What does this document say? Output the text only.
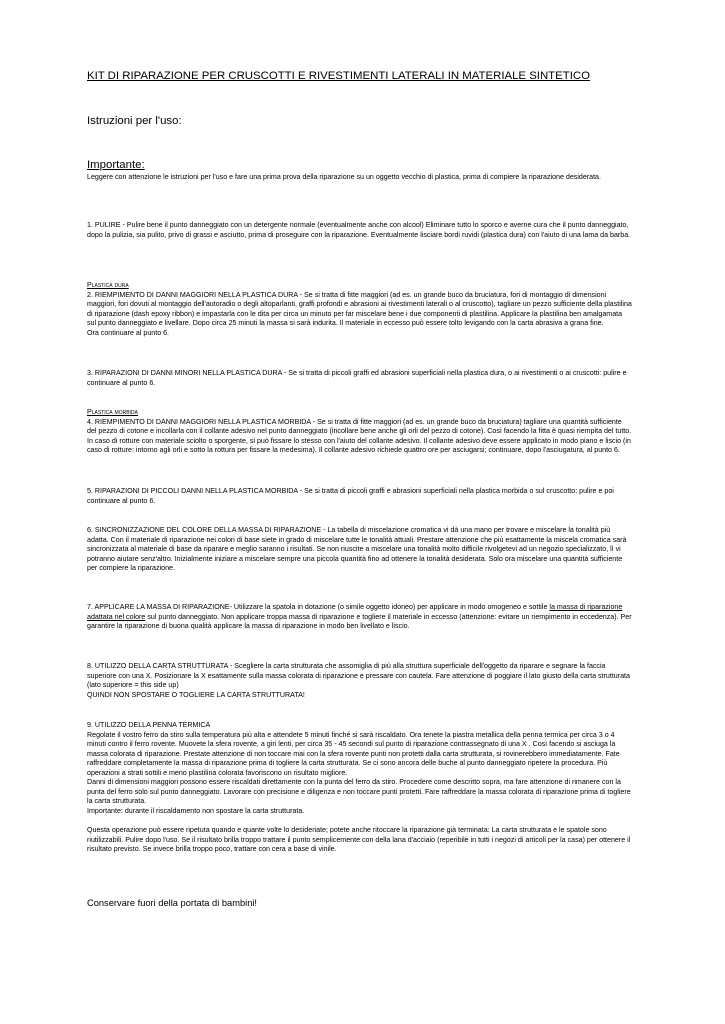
KIT DI RIPARAZIONE PER CRUSCOTTI E RIVESTIMENTI LATERALI IN MATERIALE SINTETICO
Istruzioni per l'uso:
Importante:

Leggere con attenzione le istruzioni per l'uso e fare una prima prova della riparazione su un oggetto vecchio di plastica, prima di compiere la riparazione desiderata.

1. PULIRE - Pulire bene il punto danneggiato con un detergente normale (eventualmente anche con alcool) Eliminare tutto lo sporco e averne cura che il punto danneggiato, dopo la pulizia, sia pulito, privo di grassi e asciutto, prima di proseguire con la riparazione. Eventualmente lisciare bordi ruvidi (plastica dura) con l'aiuto di una lama da barba.

Plastica dura

2. RIEMPIMENTO DI DANNI MAGGIORI NELLA PLASTICA DURA - Se si tratta di fitte maggiori (ad es. un grande buco da bruciatura, fori di montaggio di dimensioni maggiori, fori dovuti al montaggio dell'autoradio o degli altoparlanti, graffi profondi e abrasioni ai rivestimenti laterali o al cruscotto), tagliare un pezzo sufficiente della plastilina di riparazione (dash epoxy ribbon) e impastarla con le dita per circa un minuto per far miscelare bene i due componenti di plastilina. Applicare la plastilina ben amalgamata sul punto danneggiato e livellare. Dopo circa 25 minuti la massa si sarà indurita. Il materiale in eccesso può essere tolto levigando con la carta abrasiva a grana fine.

Ora continuare al punto 6.

3. RIPARAZIONI DI DANNI MINORI NELLA PLASTICA DURA - Se si tratta di piccoli graffi ed abrasioni superficiali nella plastica dura, o ai rivestimenti o ai cruscotti: pulire e continuare al punto 6.

Plastica morbida

4. RIEMPIMENTO DI DANNI MAGGIORI NELLA PLASTICA MORBIDA - Se si tratta di fitte maggiori (ad es. un grande buco da bruciatura) tagliare una quantità sufficiente del pezzo di cotone e incollarla con il collante adesivo nel punto danneggiato (incollare bene anche gli orli del pezzo di cotone). Così facendo la fitta è quasi riempita del tutto. In caso di rotture con materiale sciolto o sporgente, si può fissare lo stesso con l'aiuto del collante adesivo. Il collante adesivo deve essere applicato in modo piano e liscio (in caso di rotture: intorno agli orli e sotto la rottura per fissare la medesima). Il collante adesivo richiede quattro ore per asciugarsi; continuare, dopo l'asciugatura, al punto 6.

5. RIPARAZIONI DI PICCOLI DANNI NELLA PLASTICA MORBIDA - Se si tratta di piccoli graffi e abrasioni superficiali nella plastica morbida o sul cruscotto: pulire e poi continuare al punto 6.

6. SINCRONIZZAZIONE DEL COLORE DELLA MASSA DI RIPARAZIONE - La tabella di miscelazione cromatica vi dà una mano per trovare e miscelare la tonalità più adatta. Con il materiale di riparazione nei colori di base siete in grado di miscelare tutte le tonalità attuali. Prestare attenzione che più esattamente la miscela cromatica sarà sincronizzata al materiale di base da riparare e meglio saranno i risultati. Se non riuscite a miscelare una tonalità molto difficile rivolgetevi ad un negozio specializzato, lì vi potranno aiutare senz'altro. Inizialmente iniziare a miscelare sempre una piccola quantità fino ad ottenere la tonalità desiderata. Solo ora miscelare una quantità sufficiente per compiere la riparazione.

7. APPLICARE LA MASSA DI RIPARAZIONE- Utilizzare la spatola in dotazione (o simile oggetto idoneo) per applicare in modo omogeneo e sottile la massa di riparazione adattata nel colore sul punto danneggiato. Non applicare troppa massa di riparazione e togliere il materiale in eccesso (attenzione: evitare un riempimento in eccedenza). Per garantire la riparazione di buona qualità applicare la massa di riparazione in modo ben livellato e liscio.

8. UTILIZZO DELLA CARTA STRUTTURATA - Scegliere la carta strutturata che assomiglia di più alla struttura superficiale dell'oggetto da riparare e segnare la faccia superiore con una X. Posizionare la X esattamente sulla massa colorata di riparazione e pressare con cautela. Fare attenzione di poggiare il lato giusto della carta strutturata (lato superiore = this side up)

QUINDI NON SPOSTARE O TOGLIERE LA CARTA STRUTTURATA!

9. UTILIZZO DELLA PENNA TERMICA

Regolate il vostro ferro da stiro sulla temperatura più alta e attendete 5 minuti finché si sarà riscaldato. Ora tenete la piastra metallica della penna termica per circa 3 o 4 minuti contro il ferro rovente. Muovete la sfera rovente, a giri lenti, per circa 35 - 45 secondi sul punto di riparazione contrassegnato di una X . Così facendo si asciuga la massa colorata di riparazione. Prestate attenzione di non toccare mai con la sfera rovente punti non protetti dalla carta strutturata, si rovinerebbero immediatamente. Fate raffreddare completamente la massa di riparazione prima di togliere la carta strutturata. Se ci sono ancora delle buche al punto danneggiato ripetere la procedura. Più operazioni a strati sottili e meno plastilina colorata favoriscono un risultato migliore.

Danni di dimensioni maggiori possono essere riscaldati direttamente con la punta del ferro da stiro. Procedere come descritto sopra, ma fare attenzione di rimanere con la punta del ferro solo sul punto danneggiato. Lavorare con precisione e diligenza e non toccare punti protetti. Fare raffreddare la massa colorata di riparazione prima di togliere la carta strutturata.

Importante: durante il riscaldamento non spostare la carta strutturata.

Questa operazione può essere ripetuta quando e quante volte lo desideriate; potete anche ritoccare la riparazione già terminata: La carta strutturata e le spatole sono riutilizzabili. Pulire dopo l'uso. Se il risultato brilla troppo trattare il punto semplicemente con della lana d'acciaio (reperibile in tutti i negozi di articoli per la casa) per ottenere il risultato previsto. Se invece brilla troppo poco, trattare con cera a base di vinile.

Conservare fuori della portata di bambini!
